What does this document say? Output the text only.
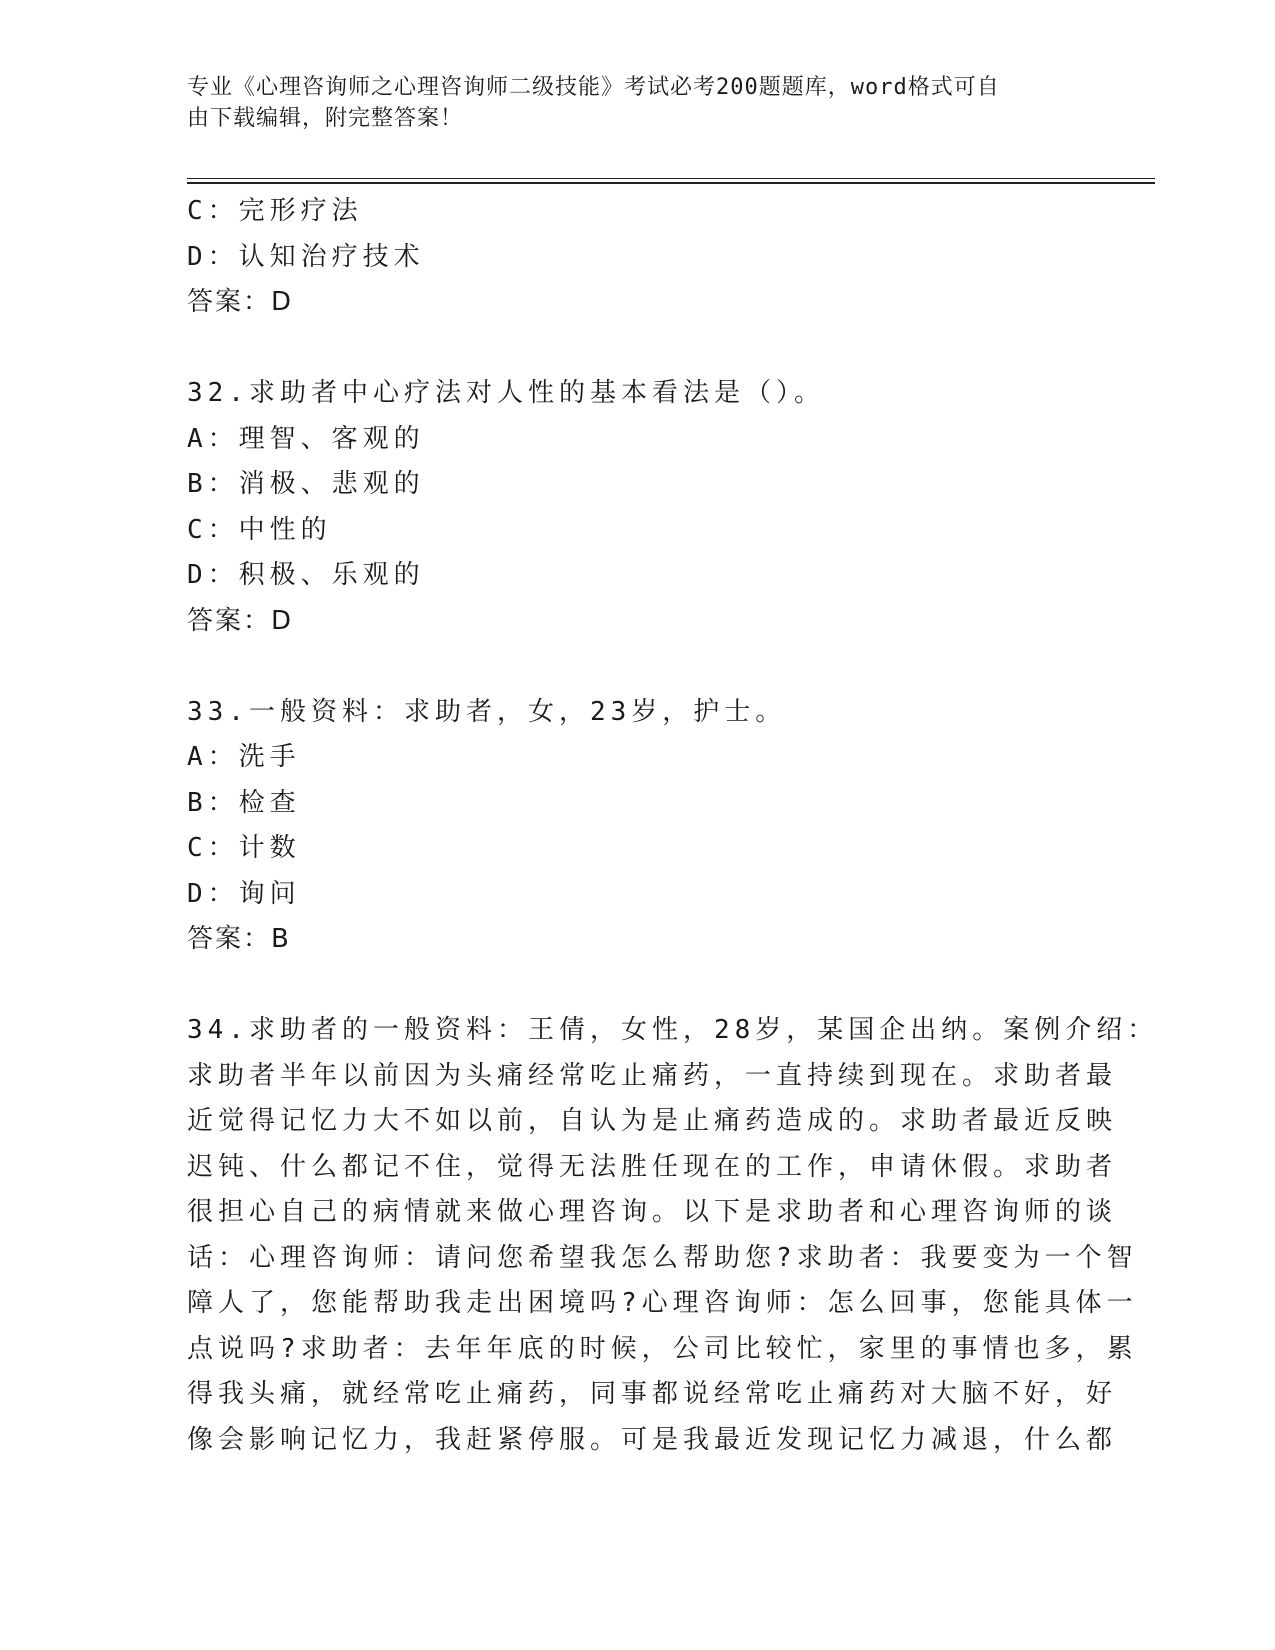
专业《心理咨询师之心理咨询师二级技能》考试必考200题题库，word格式可自
由下载编辑，附完整答案！
C：完形疗法
D：认知治疗技术
答案：D
32.求助者中心疗法对人性的基本看法是（）。
A：理智、客观的
B：消极、悲观的
C：中性的
D：积极、乐观的
答案：D
33.一般资料：求助者，女，23岁，护士。
A：洗手
B：检查
C：计数
D：询问
答案：B
34.求助者的一般资料：王倩，女性，28岁，某国企出纳。案例介绍：
求助者半年以前因为头痛经常吃止痛药，一直持续到现在。求助者最
近觉得记忆力大不如以前，自认为是止痛药造成的。求助者最近反映
迟钝、什么都记不住，觉得无法胜任现在的工作，申请休假。求助者
很担心自己的病情就来做心理咨询。以下是求助者和心理咨询师的谈
话：心理咨询师：请问您希望我怎么帮助您?求助者：我要变为一个智
障人了，您能帮助我走出困境吗?心理咨询师：怎么回事，您能具体一
点说吗?求助者：去年年底的时候，公司比较忙，家里的事情也多，累
得我头痛，就经常吃止痛药，同事都说经常吃止痛药对大脑不好，好
像会影响记忆力，我赶紧停服。可是我最近发现记忆力减退，什么都
